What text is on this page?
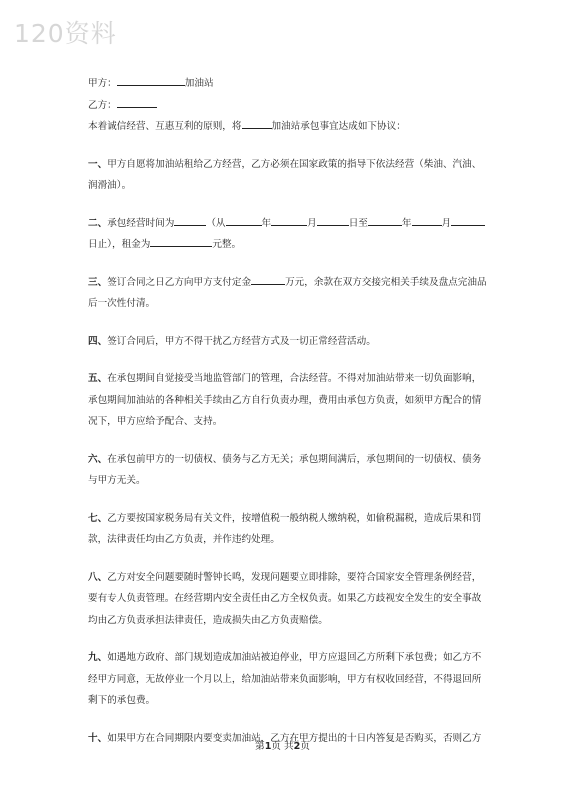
120资料

甲方：	加油站

乙方：

本着诚信经营、互惠互利的原则，将	加油站承包事宜达成如下协议：

一、甲方自愿将加油站租给乙方经营，乙方必须在国家政策的指导下依法经营（柴油、汽油、润滑油）。

二、承包经营时间为	（从	年	月	日至	年	月日止），租金为	元整。

三、签订合同之日乙方向甲方支付定金	万元，余款在双方交接完相关手续及盘点完油品后一次性付清。

四、签订合同后，甲方不得干扰乙方经营方式及一切正常经营活动。

五、在承包期间自觉接受当地监管部门的管理，合法经营。不得对加油站带来一切负面影响，承包期间加油站的各种相关手续由乙方自行负责办理，费用由承包方负责，如须甲方配合的情况下，甲方应给予配合、支持。

六、在承包前甲方的一切债权、债务与乙方无关；承包期间满后，承包期间的一切债权、债务与甲方无关。

七、乙方要按国家税务局有关文件，按增值税一般纳税人缴纳税，如偷税漏税，造成后果和罚款，法律责任均由乙方负责，并作违约处理。

八、乙方对安全问题要随时警钟长鸣，发现问题要立即排除，要符合国家安全管理条例经营，要有专人负责管理。在经营期内安全责任由乙方全权负责。如果乙方歧视安全发生的安全事故均由乙方负责承担法律责任，造成损失由乙方负责赔偿。

九、如遇地方政府、部门规划造成加油站被迫停业，甲方应退回乙方所剩下承包费；如乙方不经甲方同意，无故停业一个月以上，给加油站带来负面影响，甲方有权收回经营，不得退回所剩下的承包费。

十、如果甲方在合同期限内要变卖加油站，乙方在甲方提出的十日内答复是否购买，否则乙方

第1页 共2页
